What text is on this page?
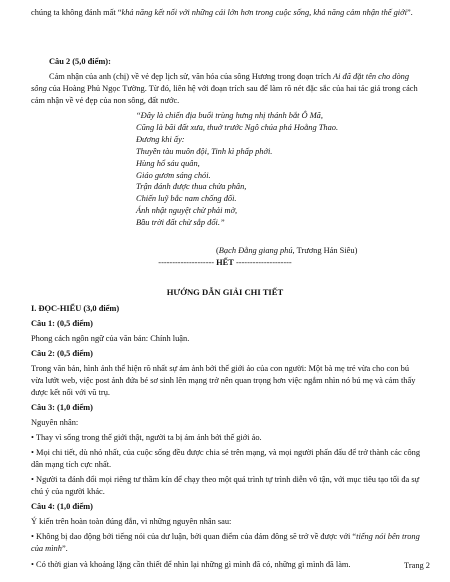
chúng ta không đánh mất “khả năng kết nối với những cái lớn hơn trong cuộc sống, khả năng cảm nhận thế giới”.

Câu 2 (5,0 điểm):

Cảm nhận của anh (chị) về vẻ đẹp lịch sử, văn hóa của sông Hương trong đoạn trích Ai đã đặt tên cho dòng sông của Hoàng Phủ Ngọc Tường. Từ đó, liên hệ với đoạn trích sau để làm rõ nét đặc sắc của hai tác giả trong cách cảm nhận về vẻ đẹp của non sông, đất nước.

“Đây là chiến địa buổi trùng hưng nhị thánh bắt Ô Mã,
Cũng là bãi đất xưa, thuở trước Ngô chúa phá Hoằng Thao.
Đương khi ấy:
Thuyền tàu muôn đội, Tinh kì phấp phới.
Hùng hổ sáu quân,
Giáo gươm sáng chói.
Trận đánh được thua chửa phân,
Chiến luỹ bắc nam chống đối.
Ánh nhật nguyệt chừ phải mờ,
Bầu trời đất chừ sắp đổi.”
(Bạch Đằng giang phú, Trương Hán Siêu)
-------------------- HẾT --------------------
HƯỚNG DẪN GIẢI CHI TIẾT

I. ĐỌC-HIỂU (3,0 điểm)

Câu 1: (0,5 điểm)

Phong cách ngôn ngữ của văn bản: Chính luận.

Câu 2: (0,5 điểm)

Trong văn bản, hình ảnh thể hiện rõ nhất sự ám ảnh bởi thế giới ảo của con người: Một bà mẹ trẻ vừa cho con bú vừa lướt web, việc post ảnh đứa bé sơ sinh lên mạng trở nên quan trọng hơn việc ngắm nhìn nó bú mẹ và cảm thấy được kết nối với vũ trụ.

Câu 3: (1,0 điểm)

Nguyên nhân:

• Thay vì sống trong thế giới thật, người ta bị ám ảnh bởi thế giới ảo.

• Mọi chi tiết, dù nhỏ nhất, của cuộc sống đều được chia sẻ trên mạng, và mọi người phấn đấu để trở thành các công dân mạng tích cực nhất.

• Người ta đánh đổi mọi riêng tư thầm kín để chạy theo một quá trình tự trình diễn vô tận, với mục tiêu tạo tối đa sự chú ý của người khác.

Câu 4: (1,0 điểm)

Ý kiến trên hoàn toàn đúng đắn, vì những nguyên nhân sau:

• Không bị dao động bởi tiếng nói của dư luận, bởi quan điểm của đám đông sẽ trở về được với “tiếng nói bên trong của mình”.

• Có thời gian và khoảng lặng cần thiết để nhìn lại những gì mình đã có, những gì mình đã làm.	Trang 2
